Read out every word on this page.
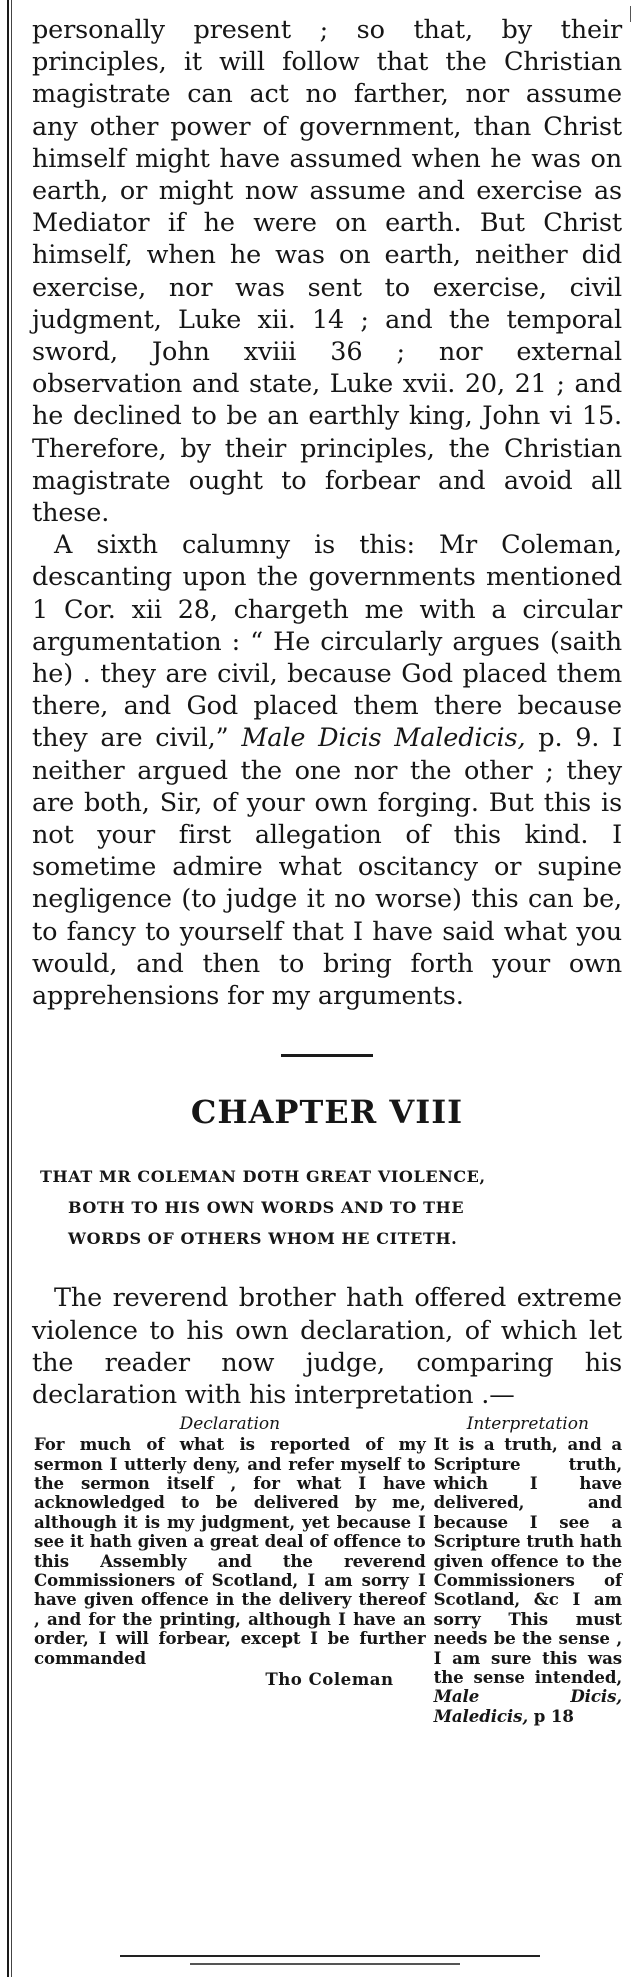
personally present ; so that, by their principles, it will follow that the Christian magistrate can act no farther, nor assume any other power of government, than Christ himself might have assumed when he was on earth, or might now assume and exercise as Mediator if he were on earth. But Christ himself, when he was on earth, neither did exercise, nor was sent to exercise, civil judgment, Luke xii. 14 ; and the temporal sword, John xviii 36 ; nor external observation and state, Luke xvii. 20, 21 ; and he declined to be an earthly king, John vi 15. Therefore, by their principles, the Christian magistrate ought to forbear and avoid all these.

A sixth calumny is this: Mr Coleman, descanting upon the governments mentioned 1 Cor. xii 28, chargeth me with a circular argumentation : “ He circularly argues (saith he) . they are civil, because God placed them there, and God placed them there because they are civil,” Male Dicis Maledicis, p. 9. I neither argued the one nor the other ; they are both, Sir, of your own forging. But this is not your first allegation of this kind. I sometime admire what oscitancy or supine negligence (to judge it no worse) this can be, to fancy to yourself that I have said what you would, and then to bring forth your own apprehensions for my arguments.

CHAPTER VIII
THAT MR COLEMAN DOTH GREAT VIOLENCE,
BOTH TO HIS OWN WORDS AND TO THE
WORDS OF OTHERS WHOM HE CITETH.

The reverend brother hath offered extreme violence to his own declaration, of which let the reader now judge, comparing his declaration with his interpretation .—

Declaration

For much of what is reported of my sermon I utterly deny, and refer myself to the sermon itself , for what I have acknowledged to be delivered by me, although it is my judgment, yet because I see it hath given a great deal of offence to this Assembly and the reverend Commissioners of Scotland, I am sorry I have given offence in the delivery thereof , and for the printing, although I have an order, I will forbear, except I be further commanded

Tho Coleman
Interpretation

It is a truth, and a Scripture truth, which I have delivered, and because I see a Scripture truth hath given offence to the Commissioners of Scotland, &c I am sorry This must needs be the sense , I am sure this was the sense intended, Male Dicis, Maledicis, p 18
